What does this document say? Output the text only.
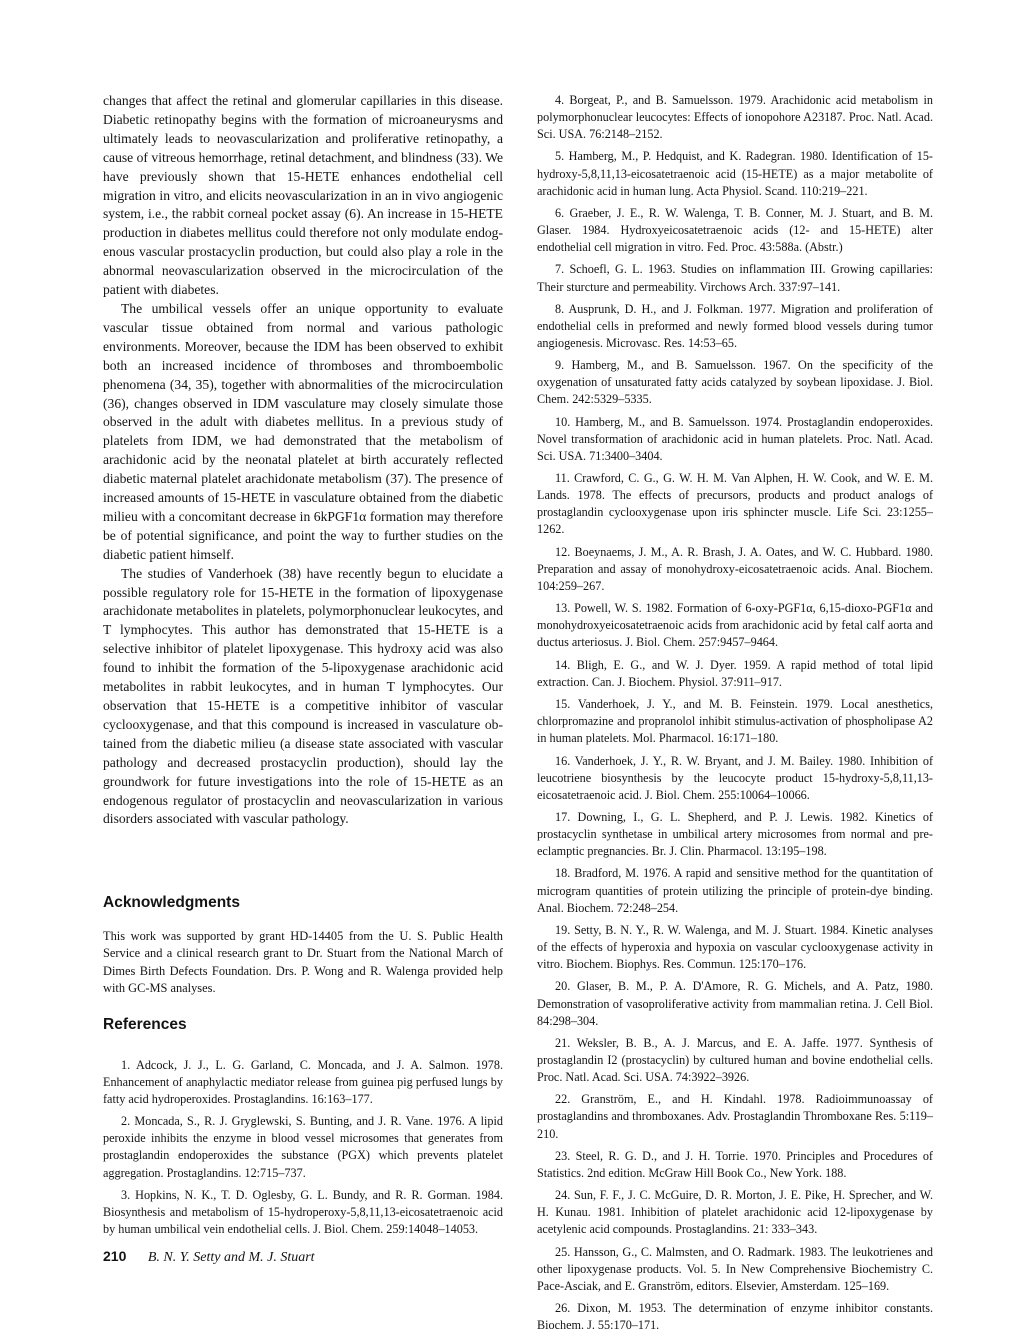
changes that affect the retinal and glomerular capillaries in this disease. Diabetic retinopathy begins with the formation of microaneurysms and ultimately leads to neovascularization and proliferative retinopathy, a cause of vitreous hemorrhage, retinal detachment, and blindness (33). We have previously shown that 15-HETE enhances endothelial cell migration in vitro, and elicits neovascularization in an in vivo angiogenic system, i.e., the rabbit corneal pocket assay (6). An increase in 15-HETE production in diabetes mellitus could therefore not only modulate endogenous vascular prostacyclin production, but could also play a role in the abnormal neovascularization observed in the microcirculation of the patient with diabetes.

The umbilical vessels offer an unique opportunity to evaluate vascular tissue obtained from normal and various pathologic environments. Moreover, because the IDM has been observed to exhibit both an increased incidence of thromboses and thromboembolic phenomena (34, 35), together with abnormalities of the microcirculation (36), changes observed in IDM vasculature may closely simulate those observed in the adult with diabetes mellitus. In a previous study of platelets from IDM, we had demonstrated that the metabolism of arachidonic acid by the neonatal platelet at birth accurately reflected diabetic maternal platelet arachidonate metabolism (37). The presence of increased amounts of 15-HETE in vasculature obtained from the diabetic milieu with a concomitant decrease in 6kPGF1α formation may therefore be of potential significance, and point the way to further studies on the diabetic patient himself.

The studies of Vanderhoek (38) have recently begun to elucidate a possible regulatory role for 15-HETE in the formation of lipoxygenase arachidonate metabolites in platelets, polymorphonuclear leukocytes, and T lymphocytes. This author has demonstrated that 15-HETE is a selective inhibitor of platelet lipoxygenase. This hydroxy acid was also found to inhibit the formation of the 5-lipoxygenase arachidonic acid metabolites in rabbit leukocytes, and in human T lymphocytes. Our observation that 15-HETE is a competitive inhibitor of vascular cyclooxygenase, and that this compound is increased in vasculature obtained from the diabetic milieu (a disease state associated with vascular pathology and decreased prostacyclin production), should lay the groundwork for future investigations into the role of 15-HETE as an endogenous regulator of prostacyclin and neovascularization in various disorders associated with vascular pathology.

Acknowledgments

This work was supported by grant HD-14405 from the U. S. Public Health Service and a clinical research grant to Dr. Stuart from the National March of Dimes Birth Defects Foundation. Drs. P. Wong and R. Walenga provided help with GC-MS analyses.

References

1. Adcock, J. J., L. G. Garland, C. Moncada, and J. A. Salmon. 1978. Enhancement of anaphylactic mediator release from guinea pig perfused lungs by fatty acid hydroperoxides. Prostaglandins. 16:163–177.

2. Moncada, S., R. J. Gryglewski, S. Bunting, and J. R. Vane. 1976. A lipid peroxide inhibits the enzyme in blood vessel microsomes that generates from prostaglandin endoperoxides the substance (PGX) which prevents platelet aggregation. Prostaglandins. 12:715–737.

3. Hopkins, N. K., T. D. Oglesby, G. L. Bundy, and R. R. Gorman. 1984. Biosynthesis and metabolism of 15-hydroperoxy-5,8,11,13-eicosatetraenoic acid by human umbilical vein endothelial cells. J. Biol. Chem. 259:14048–14053.

4. Borgeat, P., and B. Samuelsson. 1979. Arachidonic acid metabolism in polymorphonuclear leucocytes: Effects of ionopohore A23187. Proc. Natl. Acad. Sci. USA. 76:2148–2152.

5. Hamberg, M., P. Hedquist, and K. Radegran. 1980. Identification of 15-hydroxy-5,8,11,13-eicosatetraenoic acid (15-HETE) as a major metabolite of arachidonic acid in human lung. Acta Physiol. Scand. 110:219–221.

6. Graeber, J. E., R. W. Walenga, T. B. Conner, M. J. Stuart, and B. M. Glaser. 1984. Hydroxyeicosatetraenoic acids (12- and 15-HETE) alter endothelial cell migration in vitro. Fed. Proc. 43:588a. (Abstr.)

7. Schoefl, G. L. 1963. Studies on inflammation III. Growing capillaries: Their sturcture and permeability. Virchows Arch. 337:97–141.

8. Ausprunk, D. H., and J. Folkman. 1977. Migration and proliferation of endothelial cells in preformed and newly formed blood vessels during tumor angiogenesis. Microvasc. Res. 14:53–65.

9. Hamberg, M., and B. Samuelsson. 1967. On the specificity of the oxygenation of unsaturated fatty acids catalyzed by soybean lipoxidase. J. Biol. Chem. 242:5329–5335.

10. Hamberg, M., and B. Samuelsson. 1974. Prostaglandin endoperoxides. Novel transformation of arachidonic acid in human platelets. Proc. Natl. Acad. Sci. USA. 71:3400–3404.

11. Crawford, C. G., G. W. H. M. Van Alphen, H. W. Cook, and W. E. M. Lands. 1978. The effects of precursors, products and product analogs of prostaglandin cyclooxygenase upon iris sphincter muscle. Life Sci. 23:1255–1262.

12. Boeynaems, J. M., A. R. Brash, J. A. Oates, and W. C. Hubbard. 1980. Preparation and assay of monohydroxy-eicosatetraenoic acids. Anal. Biochem. 104:259–267.

13. Powell, W. S. 1982. Formation of 6-oxy-PGF1α, 6,15-dioxo-PGF1α and monohydroxyeicosatetraenoic acids from arachidonic acid by fetal calf aorta and ductus arteriosus. J. Biol. Chem. 257:9457–9464.

14. Bligh, E. G., and W. J. Dyer. 1959. A rapid method of total lipid extraction. Can. J. Biochem. Physiol. 37:911–917.

15. Vanderhoek, J. Y., and M. B. Feinstein. 1979. Local anesthetics, chlorpromazine and propranolol inhibit stimulus-activation of phospholipase A2 in human platelets. Mol. Pharmacol. 16:171–180.

16. Vanderhoek, J. Y., R. W. Bryant, and J. M. Bailey. 1980. Inhibition of leucotriene biosynthesis by the leucocyte product 15-hydroxy-5,8,11,13-eicosatetraenoic acid. J. Biol. Chem. 255:10064–10066.

17. Downing, I., G. L. Shepherd, and P. J. Lewis. 1982. Kinetics of prostacyclin synthetase in umbilical artery microsomes from normal and pre-eclamptic pregnancies. Br. J. Clin. Pharmacol. 13:195–198.

18. Bradford, M. 1976. A rapid and sensitive method for the quantitation of microgram quantities of protein utilizing the principle of protein-dye binding. Anal. Biochem. 72:248–254.

19. Setty, B. N. Y., R. W. Walenga, and M. J. Stuart. 1984. Kinetic analyses of the effects of hyperoxia and hypoxia on vascular cyclooxygenase activity in vitro. Biochem. Biophys. Res. Commun. 125:170–176.

20. Glaser, B. M., P. A. D'Amore, R. G. Michels, and A. Patz, 1980. Demonstration of vasoproliferative activity from mammalian retina. J. Cell Biol. 84:298–304.

21. Weksler, B. B., A. J. Marcus, and E. A. Jaffe. 1977. Synthesis of prostaglandin I2 (prostacyclin) by cultured human and bovine endothelial cells. Proc. Natl. Acad. Sci. USA. 74:3922–3926.

22. Granström, E., and H. Kindahl. 1978. Radioimmunoassay of prostaglandins and thromboxanes. Adv. Prostaglandin Thromboxane Res. 5:119–210.

23. Steel, R. G. D., and J. H. Torrie. 1970. Principles and Procedures of Statistics. 2nd edition. McGraw Hill Book Co., New York. 188.

24. Sun, F. F., J. C. McGuire, D. R. Morton, J. E. Pike, H. Sprecher, and W. H. Kunau. 1981. Inhibition of platelet arachidonic acid 12-lipoxygenase by acetylenic acid compounds. Prostaglandins. 21: 333–343.

25. Hansson, G., C. Malmsten, and O. Radmark. 1983. The leukotrienes and other lipoxygenase products. Vol. 5. In New Comprehensive Biochemistry C. Pace-Asciak, and E. Granström, editors. Elsevier, Amsterdam. 125–169.

26. Dixon, M. 1953. The determination of enzyme inhibitor constants. Biochem. J. 55:170–171.

210 B. N. Y. Setty and M. J. Stuart
